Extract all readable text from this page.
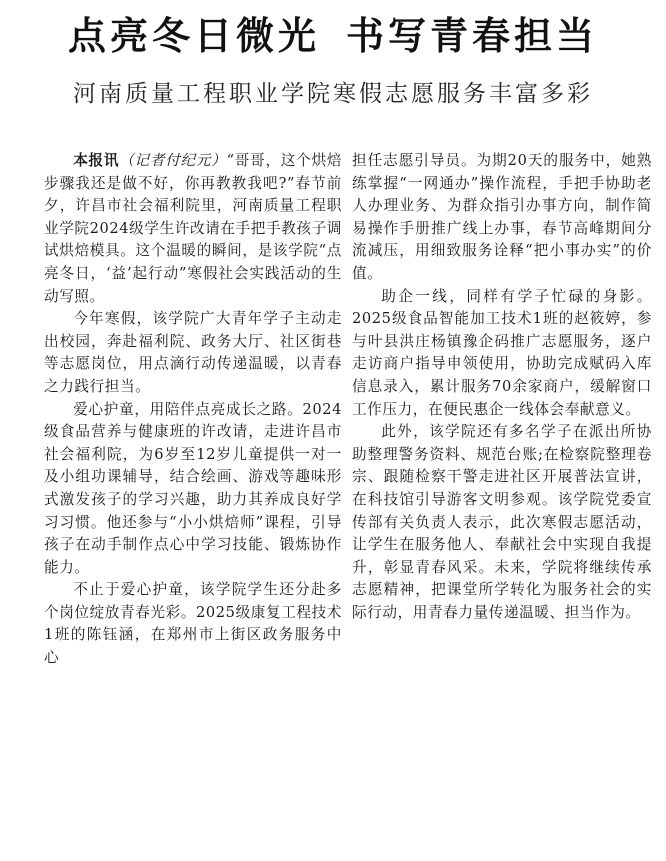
点亮冬日微光 书写青春担当
河南质量工程职业学院寒假志愿服务丰富多彩

本报讯（记者付纪元）“哥哥，这个烘焙步骤我还是做不好，你再教教我吧?”春节前夕，许昌市社会福利院里，河南质量工程职业学院2024级学生许改请在手把手教孩子调试烘焙模具。这个温暖的瞬间，是该学院“点亮冬日，‘益’起行动”寒假社会实践活动的生动写照。

今年寒假，该学院广大青年学子主动走出校园，奔赴福利院、政务大厅、社区街巷等志愿岗位，用点滴行动传递温暖，以青春之力践行担当。

爱心护童，用陪伴点亮成长之路。2024级食品营养与健康班的许改请，走进许昌市社会福利院，为6岁至12岁儿童提供一对一及小组功课辅导，结合绘画、游戏等趣味形式激发孩子的学习兴趣，助力其养成良好学习习惯。他还参与“小小烘焙师”课程，引导孩子在动手制作点心中学习技能、锻炼协作能力。

不止于爱心护童，该学院学生还分赴多个岗位绽放青春光彩。2025级康复工程技术1班的陈钰涵，在郑州市上街区政务服务中心

担任志愿引导员。为期20天的服务中，她熟练掌握“一网通办”操作流程，手把手协助老人办理业务、为群众指引办事方向，制作简易操作手册推广线上办事，春节高峰期间分流减压，用细致服务诠释“把小事办实”的价值。

助企一线，同样有学子忙碌的身影。2025级食品智能加工技术1班的赵筱婷，参与叶县洪庄杨镇豫企码推广志愿服务，逐户走访商户指导申领使用，协助完成赋码入库信息录入，累计服务70余家商户，缓解窗口工作压力，在便民惠企一线体会奉献意义。

此外，该学院还有多名学子在派出所协助整理警务资料、规范台账;在检察院整理卷宗、跟随检察干警走进社区开展普法宣讲，在科技馆引导游客文明参观。该学院党委宣传部有关负责人表示，此次寒假志愿活动，让学生在服务他人、奉献社会中实现自我提升，彰显青春风采。未来，学院将继续传承志愿精神，把课堂所学转化为服务社会的实际行动，用青春力量传递温暖、担当作为。
